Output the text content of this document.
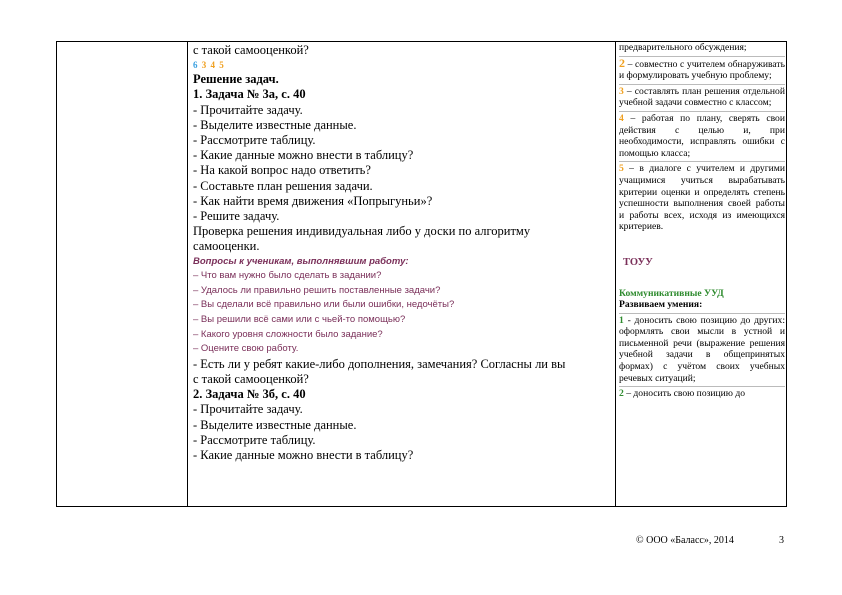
с такой самооценкой?
6 3 4 5
Решение задач.
1. Задача № 3а, с. 40
- Прочитайте задачу.
- Выделите известные данные.
- Рассмотрите таблицу.
- Какие данные можно внести в таблицу?
- На какой вопрос надо ответить?
- Составьте план решения задачи.
- Как найти время движения «Попрыгуньи»?
- Решите задачу.
Проверка решения индивидуальная либо у доски по алгоритму
самооценки.
Вопросы к ученикам, выполнявшим работу:
– Что вам нужно было сделать в задании?
– Удалось ли правильно решить поставленные задачи?
– Вы сделали всё правильно или были ошибки, недочёты?
– Вы решили всё сами или с чьей-то помощью?
– Какого уровня сложности было задание?
– Оцените свою работу.
- Есть ли у ребят какие-либо дополнения, замечания? Согласны ли вы
с такой самооценкой?
2. Задача № 3б, с. 40
- Прочитайте задачу.
- Выделите известные данные.
- Рассмотрите таблицу.
- Какие данные можно внести в таблицу?

предварительного обсуждения;

2 – совместно с учителем обнаруживать и формулировать учебную проблему;

3 – составлять план решения отдельной учебной задачи совместно с классом;

4 – работая по плану, сверять свои действия с целью и, при необходимости, исправлять ошибки с помощью класса;

5 – в диалоге с учителем и другими учащимися учиться вырабатывать критерии оценки и определять степень успешности выполнения своей работы и работы всех, исходя из имеющихся критериев.

ТОУУ
Коммуникативные УУД

Развиваем умения:

1 - доносить свою позицию до других: оформлять свои мысли в устной и письменной речи (выражение решения учебной задачи в общепринятых формах) с учётом своих учебных речевых ситуаций;

2 – доносить свою позицию до

© ООО «Баласс», 2014	3
